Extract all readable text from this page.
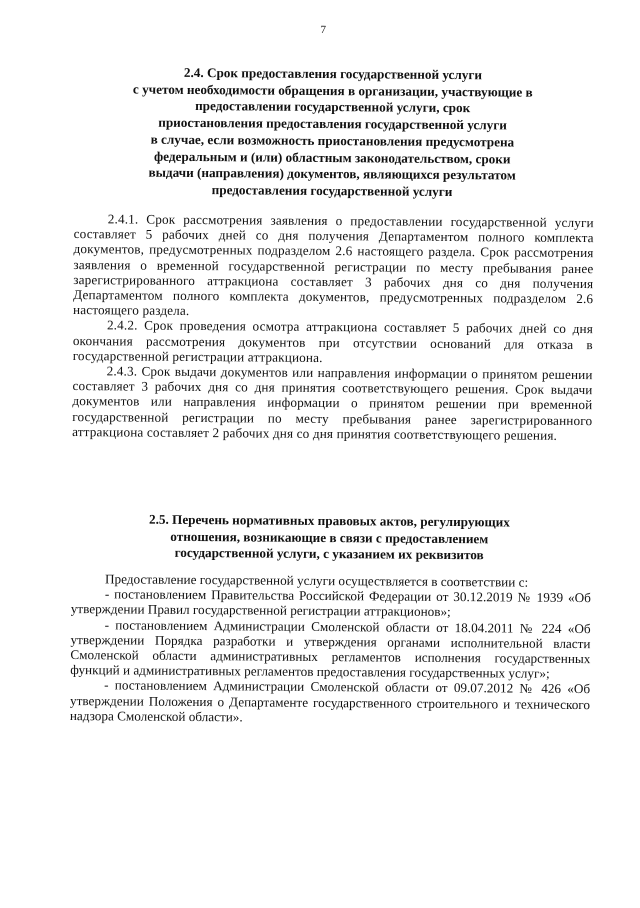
7
2.4. Срок предоставления государственной услуги
с учетом необходимости обращения в организации, участвующие в
предоставлении государственной услуги, срок
приостановления предоставления государственной услуги
в случае, если возможность приостановления предусмотрена
федеральным и (или) областным законодательством, сроки
выдачи (направления) документов, являющихся результатом
предоставления государственной услуги

2.4.1. Срок рассмотрения заявления о предоставлении государственной услуги составляет 5 рабочих дней со дня получения Департаментом полного комплекта документов, предусмотренных подразделом 2.6 настоящего раздела. Срок рассмотрения заявления о временной государственной регистрации по месту пребывания ранее зарегистрированного аттракциона составляет 3 рабочих дня со дня получения Департаментом полного комплекта документов, предусмотренных подразделом 2.6 настоящего раздела.

2.4.2. Срок проведения осмотра аттракциона составляет 5 рабочих дней со дня окончания рассмотрения документов при отсутствии оснований для отказа в государственной регистрации аттракциона.

2.4.3. Срок выдачи документов или направления информации о принятом решении составляет 3 рабочих дня со дня принятия соответствующего решения. Срок выдачи документов или направления информации о принятом решении при временной государственной регистрации по месту пребывания ранее зарегистрированного аттракциона составляет 2 рабочих дня со дня принятия соответствующего решения.

2.5. Перечень нормативных правовых актов, регулирующих
отношения, возникающие в связи с предоставлением
государственной услуги, с указанием их реквизитов

Предоставление государственной услуги осуществляется в соответствии с:

- постановлением Правительства Российской Федерации от 30.12.2019 № 1939 «Об утверждении Правил государственной регистрации аттракционов»;

- постановлением Администрации Смоленской области от 18.04.2011 № 224 «Об утверждении Порядка разработки и утверждения органами исполнительной власти Смоленской области административных регламентов исполнения государственных функций и административных регламентов предоставления государственных услуг»;

- постановлением Администрации Смоленской области от 09.07.2012 № 426 «Об утверждении Положения о Департаменте государственного строительного и технического надзора Смоленской области».
